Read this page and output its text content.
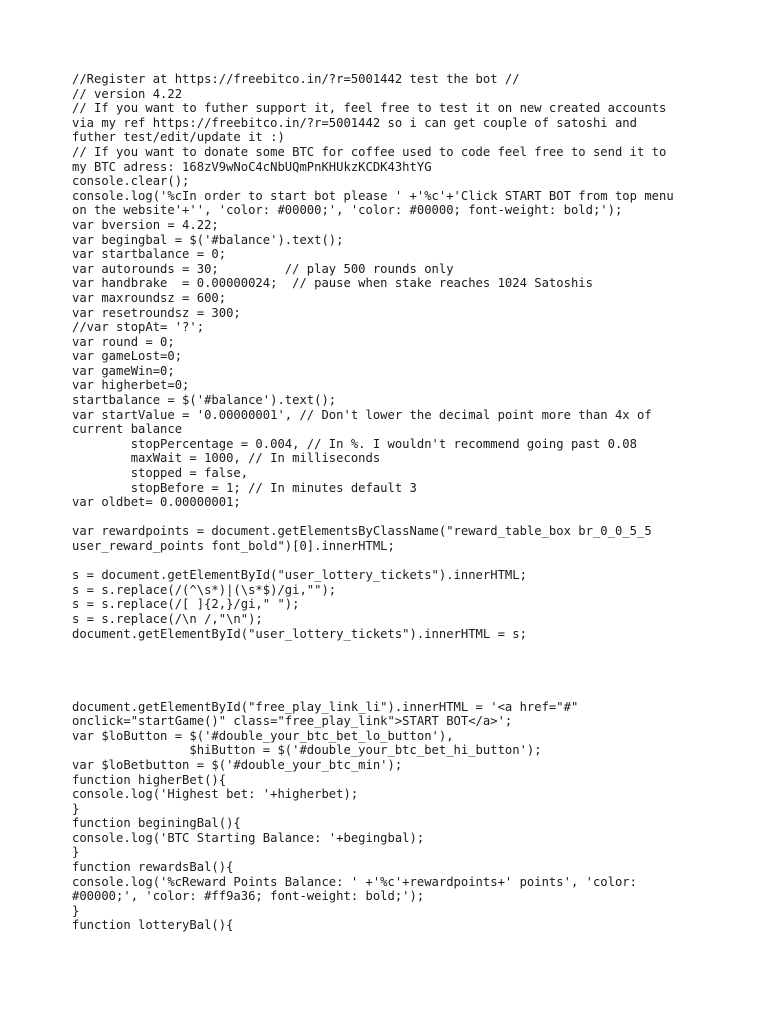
//Register at https://freebitco.in/?r=5001442 test the bot //
// version 4.22
// If you want to futher support it, feel free to test it on new created accounts
via my ref https://freebitco.in/?r=5001442 so i can get couple of satoshi and
futher test/edit/update it :)
// If you want to donate some BTC for coffee used to code feel free to send it to
my BTC adress: 168zV9wNoC4cNbUQmPnKHUkzKCDK43htYG
console.clear();
console.log('%cIn order to start bot please ' +'%c'+'Click START BOT from top menu
on the website'+'', 'color: #00000;', 'color: #00000; font-weight: bold;');
var bversion = 4.22;
var begingbal = $('#balance').text();
var startbalance = 0;
var autorounds = 30;         // play 500 rounds only
var handbrake  = 0.00000024;  // pause when stake reaches 1024 Satoshis
var maxroundsz = 600;
var resetroundsz = 300;
//var stopAt= '?';
var round = 0;
var gameLost=0;
var gameWin=0;
var higherbet=0;
startbalance = $('#balance').text();
var startValue = '0.00000001', // Don't lower the decimal point more than 4x of
current balance
stopPercentage = 0.004, // In %. I wouldn't recommend going past 0.08
maxWait = 1000, // In milliseconds
stopped = false,
stopBefore = 1; // In minutes default 3
var oldbet= 0.00000001;
var rewardpoints = document.getElementsByClassName("reward_table_box br_0_0_5_5
user_reward_points font_bold")[0].innerHTML;
s = document.getElementById("user_lottery_tickets").innerHTML;
s = s.replace(/(^\s*)|(\s*$)/gi,"");
s = s.replace(/[ ]{2,}/gi," ");
s = s.replace(/\n /,"\n");
document.getElementById("user_lottery_tickets").innerHTML = s;
document.getElementById("free_play_link_li").innerHTML = '<a href="#"
onclick="startGame()" class="free_play_link">START BOT</a>';
var $loButton = $('#double_your_btc_bet_lo_button'),
$hiButton = $('#double_your_btc_bet_hi_button');
var $loBetbutton = $('#double_your_btc_min');
function higherBet(){
console.log('Highest bet: '+higherbet);
}
function beginingBal(){
console.log('BTC Starting Balance: '+begingbal);
}
function rewardsBal(){
console.log('%cReward Points Balance: ' +'%c'+rewardpoints+' points', 'color:
#00000;', 'color: #ff9a36; font-weight: bold;');
}
function lotteryBal(){
